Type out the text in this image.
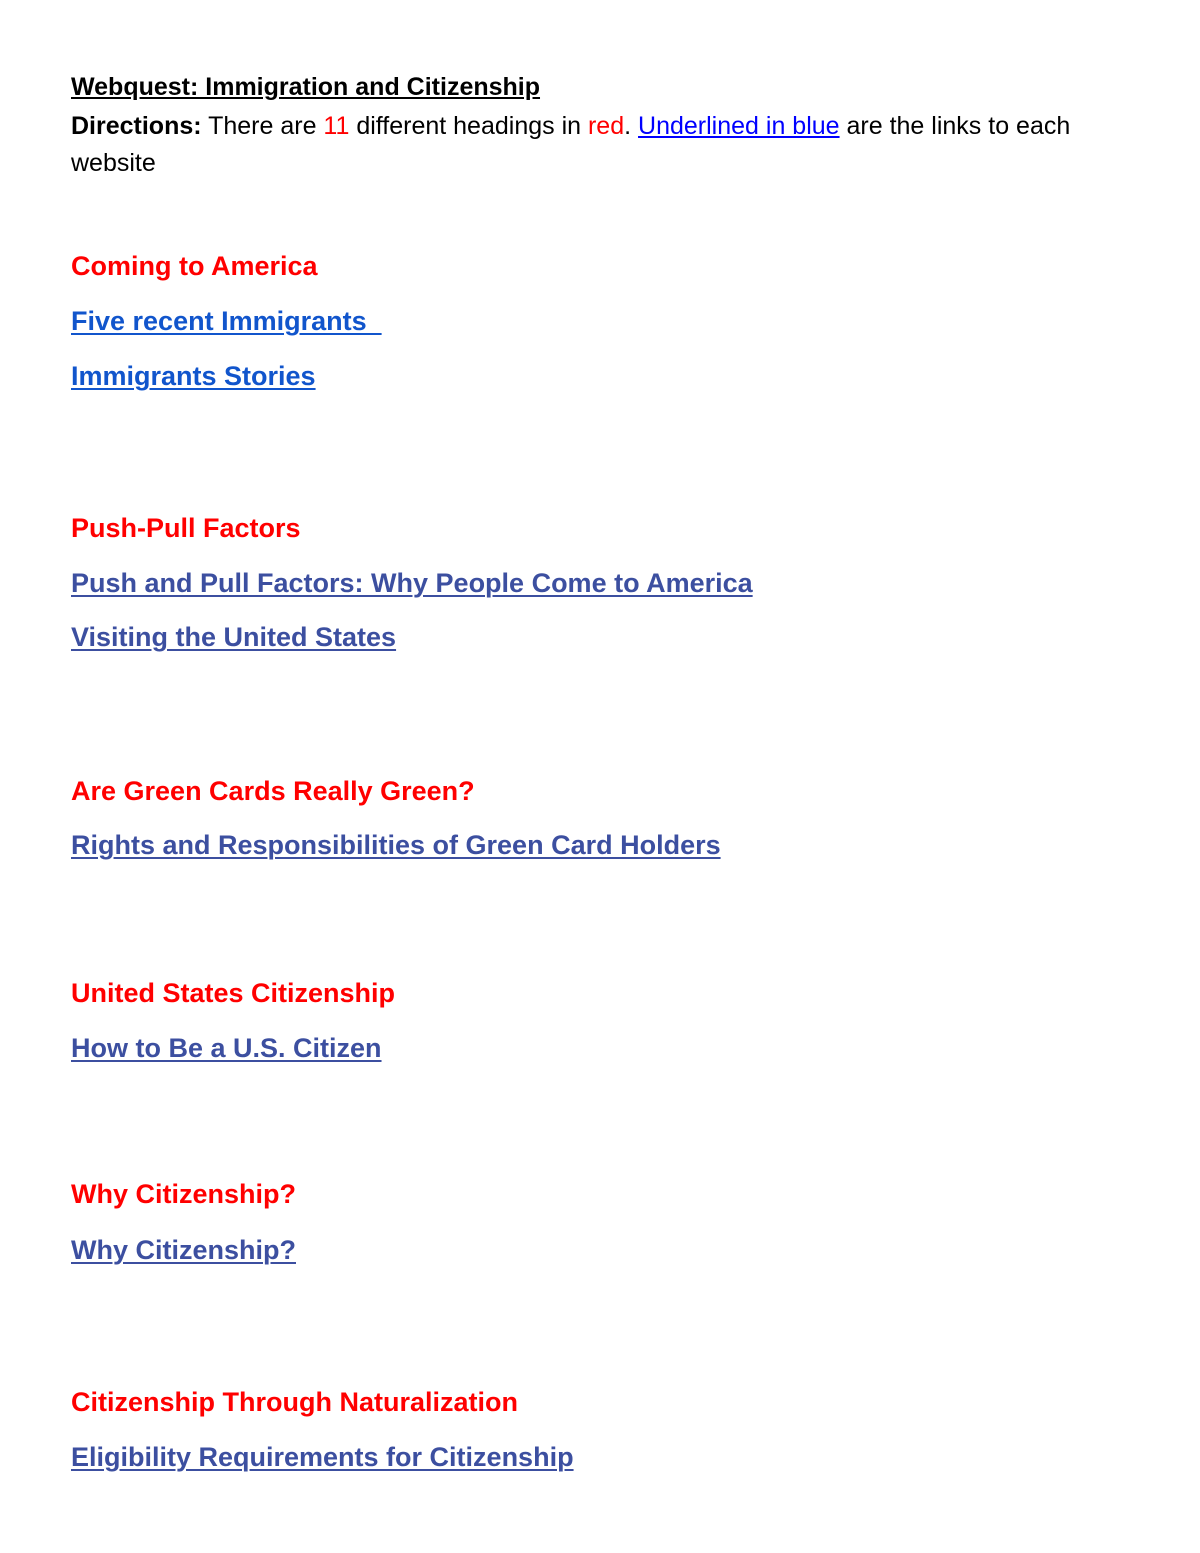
Webquest: Immigration and Citizenship
Directions: There are 11 different headings in red. Underlined in blue are the links to each website
Coming to America
Five recent Immigrants
Immigrants Stories
Push-Pull Factors
Push and Pull Factors: Why People Come to America
Visiting the United States
Are Green Cards Really Green?
Rights and Responsibilities of Green Card Holders
United States Citizenship
How to Be a U.S. Citizen
Why Citizenship?
Why Citizenship?
Citizenship Through Naturalization
Eligibility Requirements for Citizenship
